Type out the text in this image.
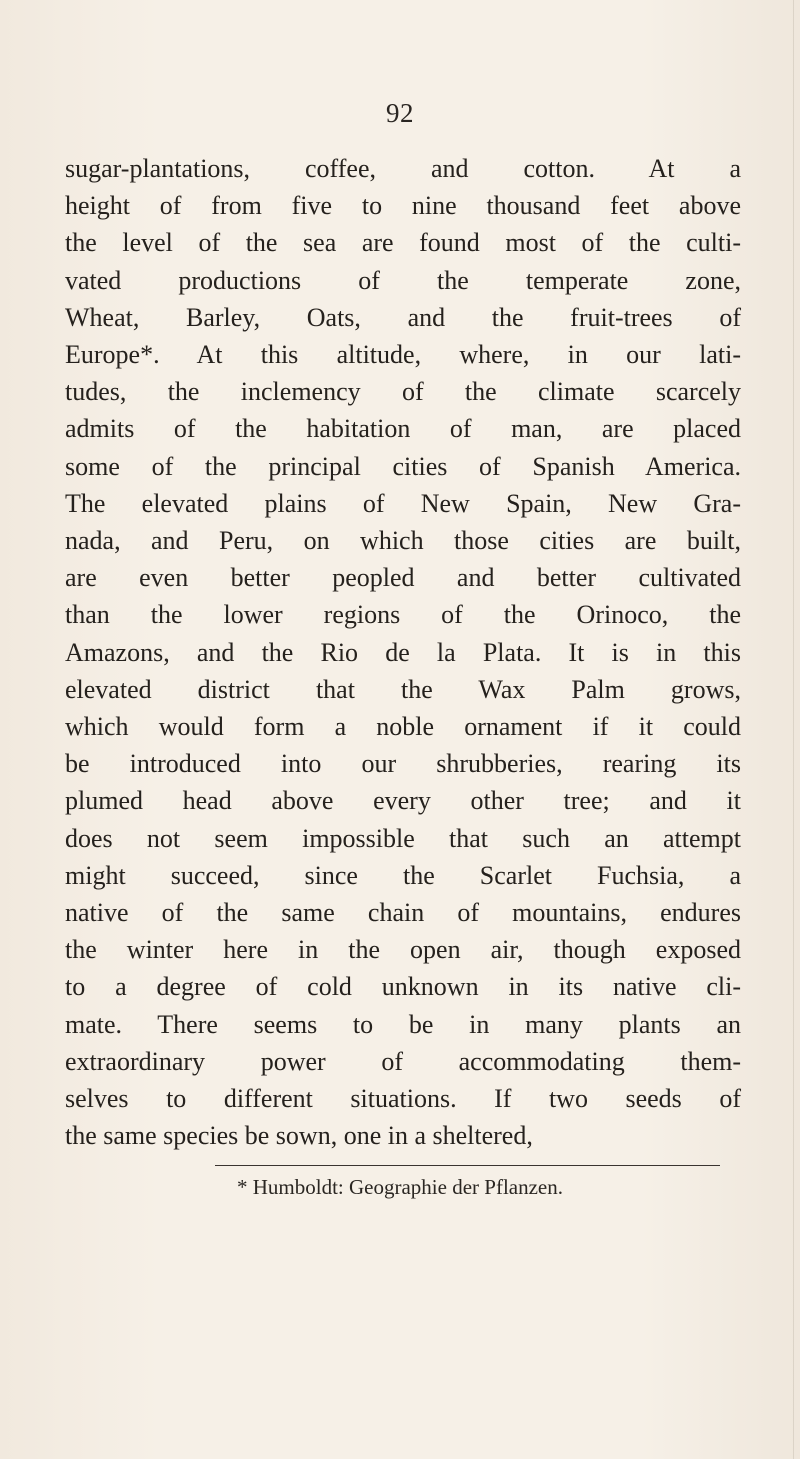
92
sugar-plantations, coffee, and cotton. At a
height of from five to nine thousand feet above
the level of the sea are found most of the culti-
vated productions of the temperate zone,
Wheat, Barley, Oats, and the fruit-trees of
Europe*. At this altitude, where, in our lati-
tudes, the inclemency of the climate scarcely
admits of the habitation of man, are placed
some of the principal cities of Spanish America.
The elevated plains of New Spain, New Gra-
nada, and Peru, on which those cities are built,
are even better peopled and better cultivated
than the lower regions of the Orinoco, the
Amazons, and the Rio de la Plata. It is in this
elevated district that the Wax Palm grows,
which would form a noble ornament if it could
be introduced into our shrubberies, rearing its
plumed head above every other tree; and it
does not seem impossible that such an attempt
might succeed, since the Scarlet Fuchsia, a
native of the same chain of mountains, endures
the winter here in the open air, though exposed
to a degree of cold unknown in its native cli-
mate. There seems to be in many plants an
extraordinary power of accommodating them-
selves to different situations. If two seeds of
the same species be sown, one in a sheltered,
* Humboldt: Geographie der Pflanzen.
